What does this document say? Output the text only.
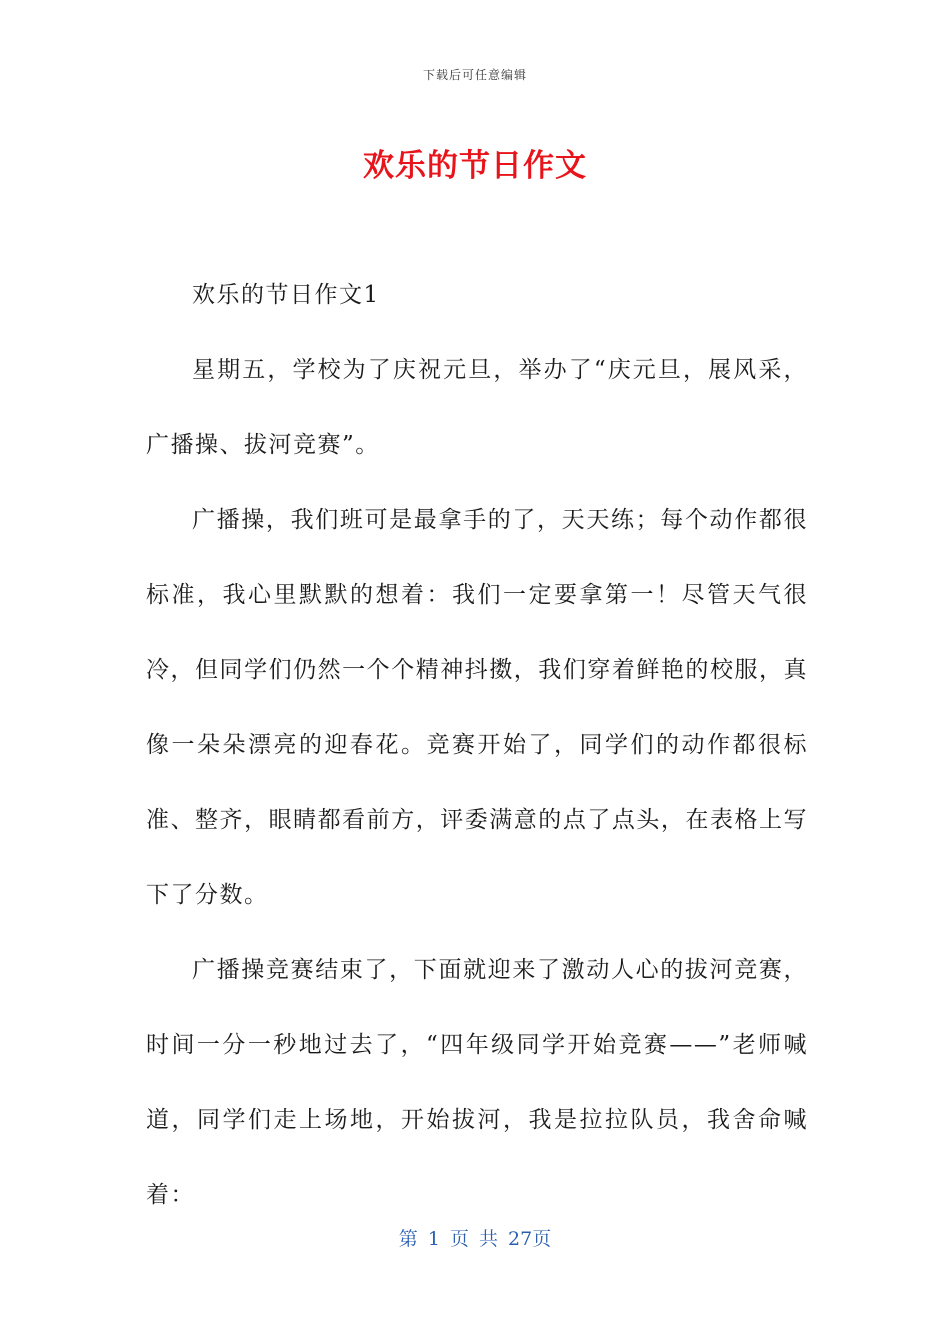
下载后可任意编辑
欢乐的节日作文

欢乐的节日作文1

星期五，学校为了庆祝元旦，举办了“庆元旦，展风采，广播操、拔河竞赛”。

广播操，我们班可是最拿手的了，天天练；每个动作都很标准，我心里默默的想着：我们一定要拿第一！尽管天气很冷，但同学们仍然一个个精神抖擞，我们穿着鲜艳的校服，真像一朵朵漂亮的迎春花。竞赛开始了，同学们的动作都很标准、整齐，眼睛都看前方，评委满意的点了点头，在表格上写下了分数。

广播操竞赛结束了，下面就迎来了激动人心的拔河竞赛，时间一分一秒地过去了，“四年级同学开始竞赛——”老师喊道，同学们走上场地，开始拔河，我是拉拉队员，我舍命喊着：

第 1 页 共 27页
